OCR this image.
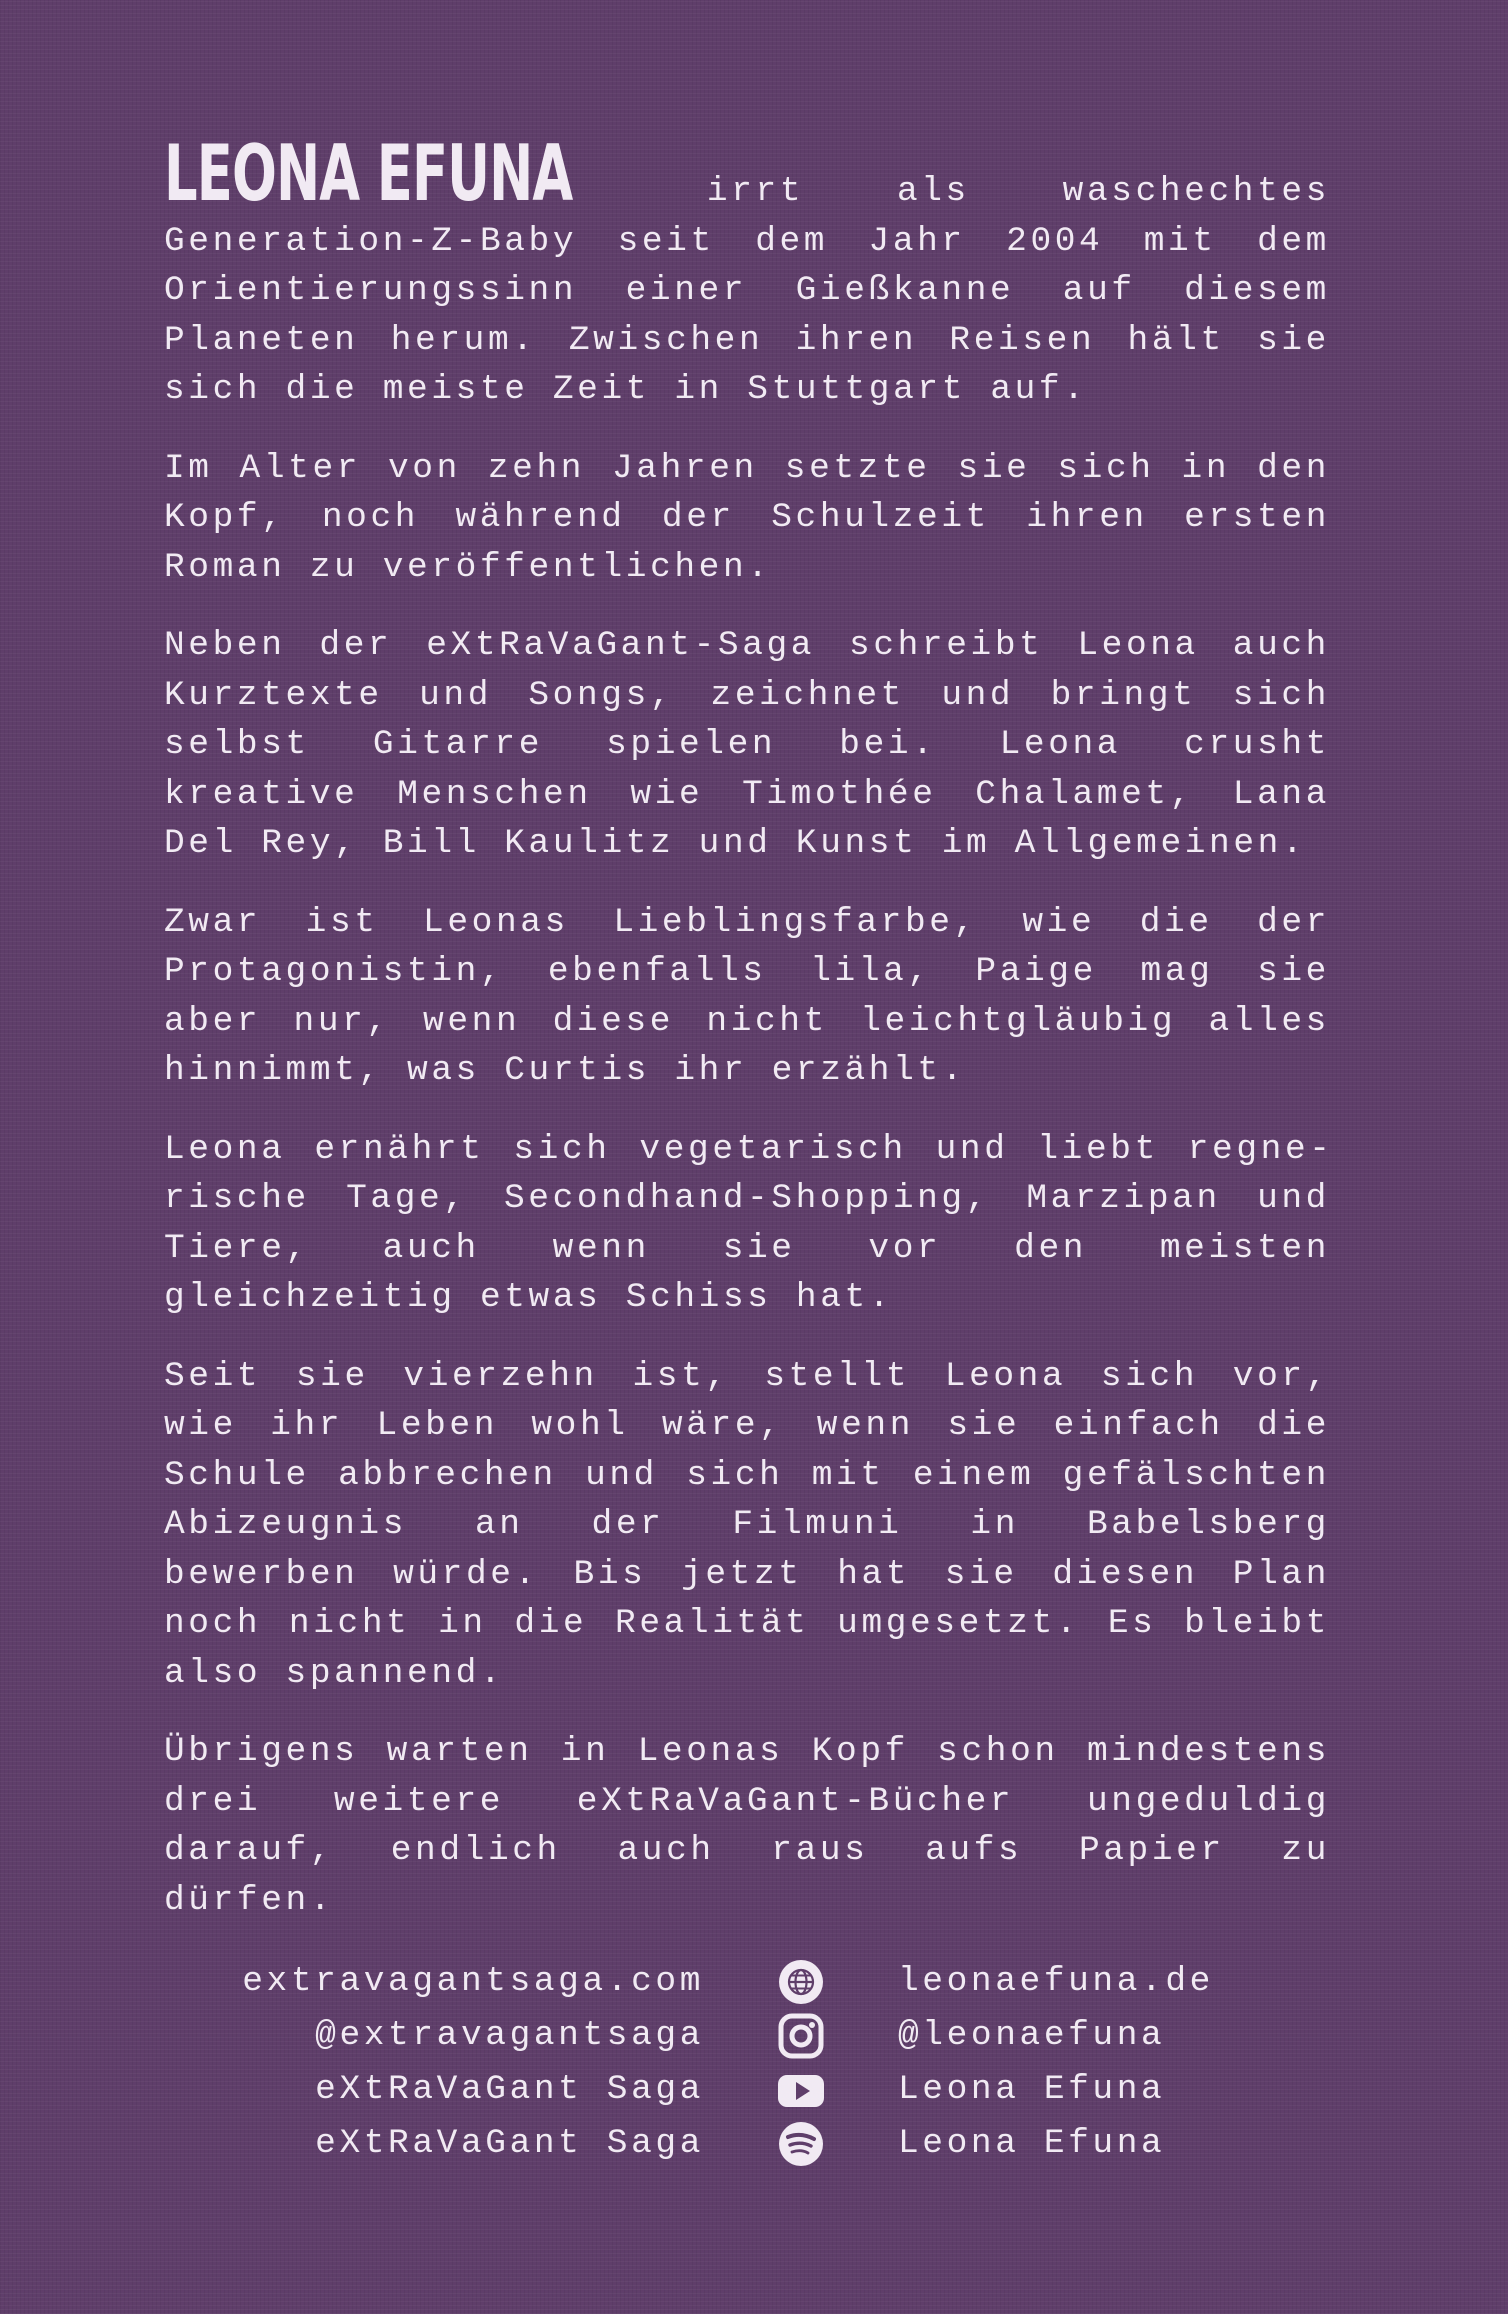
LEONA EFUNA irrt als waschechtes Generation-Z-Baby seit dem Jahr 2004 mit dem Orientierungssinn einer Gießkanne auf diesem Planeten herum. Zwischen ihren Reisen hält sie sich die meiste Zeit in Stuttgart auf.

Im Alter von zehn Jahren setzte sie sich in den Kopf, noch während der Schulzeit ihren ersten Roman zu veröffentlichen.

Neben der eXtRaVaGant-Saga schreibt Leona auch Kurztexte und Songs, zeichnet und bringt sich selbst Gitarre spielen bei. Leona crusht kreative Menschen wie Timothée Chalamet, Lana Del Rey, Bill Kaulitz und Kunst im Allgemeinen.

Zwar ist Leonas Lieblingsfarbe, wie die der Protagonistin, ebenfalls lila, Paige mag sie aber nur, wenn diese nicht leichtgläubig alles hinnimmt, was Curtis ihr erzählt.

Leona ernährt sich vegetarisch und liebt regnerische Tage, Secondhand-Shopping, Marzipan und Tiere, auch wenn sie vor den meisten gleichzeitig etwas Schiss hat.

Seit sie vierzehn ist, stellt Leona sich vor, wie ihr Leben wohl wäre, wenn sie einfach die Schule abbrechen und sich mit einem gefälschten Abizeugnis an der Filmuni in Babelsberg bewerben würde. Bis jetzt hat sie diesen Plan noch nicht in die Realität umgesetzt. Es bleibt also spannend.

Übrigens warten in Leonas Kopf schon mindestens drei weitere eXtRaVaGant-Bücher ungeduldig darauf, endlich auch raus aufs Papier zu dürfen.

extravagantsaga.com	leonaefuna.de
@extravagantsaga	@leonaefuna
eXtRaVaGant Saga	Leona Efuna
eXtRaVaGant Saga	Leona Efuna
